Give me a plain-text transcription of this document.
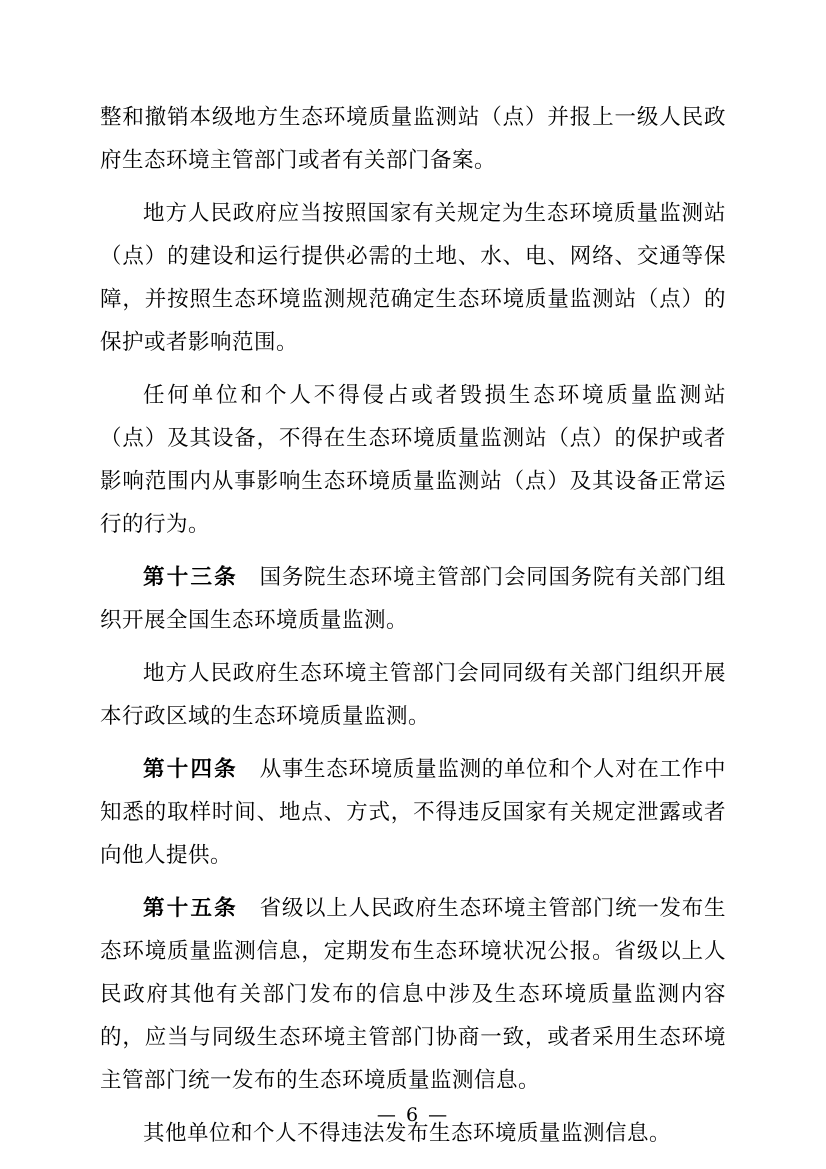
整和撤销本级地方生态环境质量监测站（点）并报上一级人民政府生态环境主管部门或者有关部门备案。

地方人民政府应当按照国家有关规定为生态环境质量监测站（点）的建设和运行提供必需的土地、水、电、网络、交通等保障，并按照生态环境监测规范确定生态环境质量监测站（点）的保护或者影响范围。

任何单位和个人不得侵占或者毁损生态环境质量监测站（点）及其设备，不得在生态环境质量监测站（点）的保护或者影响范围内从事影响生态环境质量监测站（点）及其设备正常运行的行为。

第十三条 国务院生态环境主管部门会同国务院有关部门组织开展全国生态环境质量监测。

地方人民政府生态环境主管部门会同同级有关部门组织开展本行政区域的生态环境质量监测。

第十四条 从事生态环境质量监测的单位和个人对在工作中知悉的取样时间、地点、方式，不得违反国家有关规定泄露或者向他人提供。

第十五条 省级以上人民政府生态环境主管部门统一发布生态环境质量监测信息，定期发布生态环境状况公报。省级以上人民政府其他有关部门发布的信息中涉及生态环境质量监测内容的，应当与同级生态环境主管部门协商一致，或者采用生态环境主管部门统一发布的生态环境质量监测信息。

其他单位和个人不得违法发布生态环境质量监测信息。

— 6 —
